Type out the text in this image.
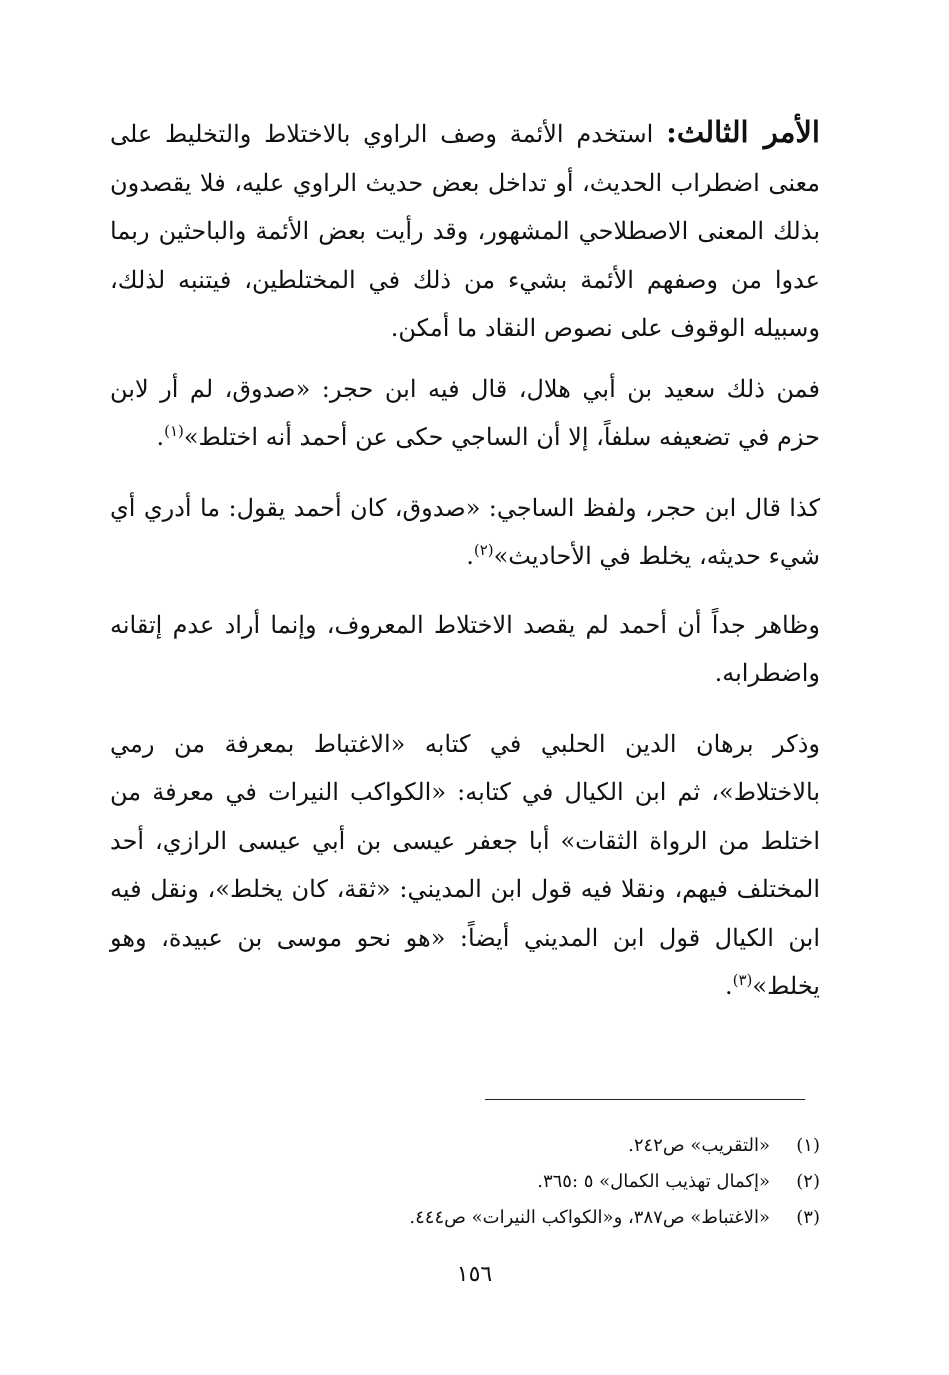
الأمر الثالث: استخدم الأئمة وصف الراوي بالاختلاط والتخليط على معنى اضطراب الحديث، أو تداخل بعض حديث الراوي عليه، فلا يقصدون بذلك المعنى الاصطلاحي المشهور، وقد رأيت بعض الأئمة والباحثين ربما عدوا من وصفهم الأئمة بشيء من ذلك في المختلطين، فيتنبه لذلك، وسبيله الوقوف على نصوص النقاد ما أمكن.

فمن ذلك سعيد بن أبي هلال، قال فيه ابن حجر: «صدوق، لم أر لابن حزم في تضعيفه سلفاً، إلا أن الساجي حكى عن أحمد أنه اختلط»$^{(١)}$.

كذا قال ابن حجر، ولفظ الساجي: «صدوق، كان أحمد يقول: ما أدري أي شيء حديثه، يخلط في الأحاديث»$^{(٢)}$.

وظاهر جداً أن أحمد لم يقصد الاختلاط المعروف، وإنما أراد عدم إتقانه واضطرابه.

وذكر برهان الدين الحلبي في كتابه «الاغتباط بمعرفة من رمي بالاختلاط»، ثم ابن الكيال في كتابه: «الكواكب النيرات في معرفة من اختلط من الرواة الثقات» أبا جعفر عيسى بن أبي عيسى الرازي، أحد المختلف فيهم، ونقلا فيه قول ابن المديني: «ثقة، كان يخلط»، ونقل فيه ابن الكيال قول ابن المديني أيضاً: «هو نحو موسى بن عبيدة، وهو يخلط»$^{(٣)}$.

(١)
«التقريب» ص٢٤٢.
(٢)
«إكمال تهذيب الكمال» ٥ :٣٦٥.
(٣)
«الاغتباط» ص٣٨٧، و«الكواكب النيرات» ص٤٤٤.
١٥٦
